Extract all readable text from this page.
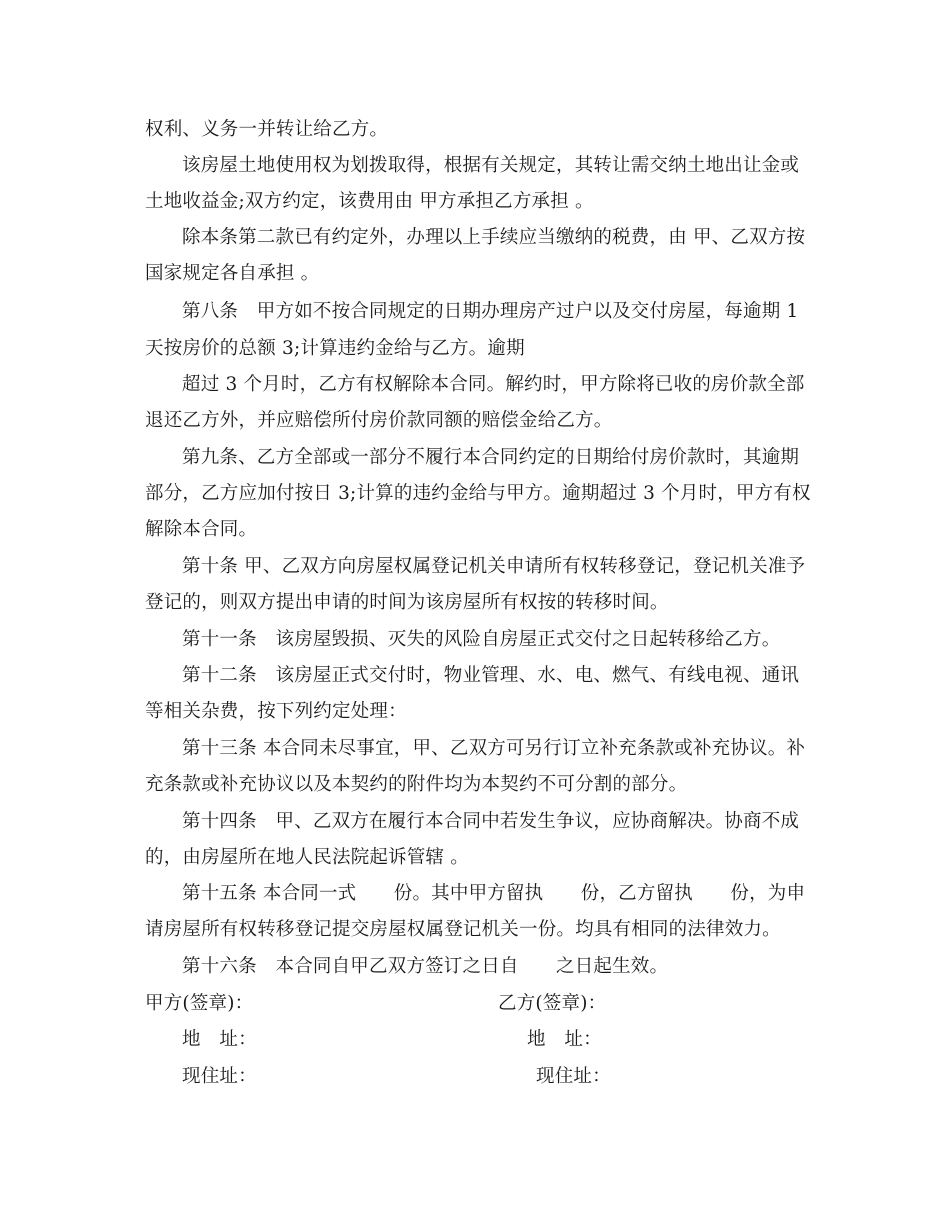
权利、义务一并转让给乙方。
该房屋土地使用权为划拨取得，根据有关规定，其转让需交纳土地出让金或
土地收益金;双方约定，该费用由 甲方承担乙方承担 。
除本条第二款已有约定外，办理以上手续应当缴纳的税费，由 甲、乙双方按
国家规定各自承担 。
第八条　甲方如不按合同规定的日期办理房产过户以及交付房屋，每逾期 1
天按房价的总额 3;计算违约金给与乙方。逾期
超过 3 个月时，乙方有权解除本合同。解约时，甲方除将已收的房价款全部
退还乙方外，并应赔偿所付房价款同额的赔偿金给乙方。
第九条、乙方全部或一部分不履行本合同约定的日期给付房价款时，其逾期
部分，乙方应加付按日 3;计算的违约金给与甲方。逾期超过 3 个月时，甲方有权
解除本合同。
第十条 甲、乙双方向房屋权属登记机关申请所有权转移登记，登记机关准予
登记的，则双方提出申请的时间为该房屋所有权按的转移时间。
第十一条　该房屋毁损、灭失的风险自房屋正式交付之日起转移给乙方。
第十二条　该房屋正式交付时，物业管理、水、电、燃气、有线电视、通讯
等相关杂费，按下列约定处理：
第十三条 本合同未尽事宜，甲、乙双方可另行订立补充条款或补充协议。补
充条款或补充协议以及本契约的附件均为本契约不可分割的部分。
第十四条　甲、乙双方在履行本合同中若发生争议，应协商解决。协商不成
的，由房屋所在地人民法院起诉管辖 。
第十五条 本合同一式　　份。其中甲方留执　　份，乙方留执　　份，为申
请房屋所有权转移登记提交房屋权属登记机关一份。均具有相同的法律效力。
第十六条　本合同自甲乙双方签订之日自　　之日起生效。
甲方(签章)：	乙方(签章)：
地　址：	地　址：
现住址：	现住址：
